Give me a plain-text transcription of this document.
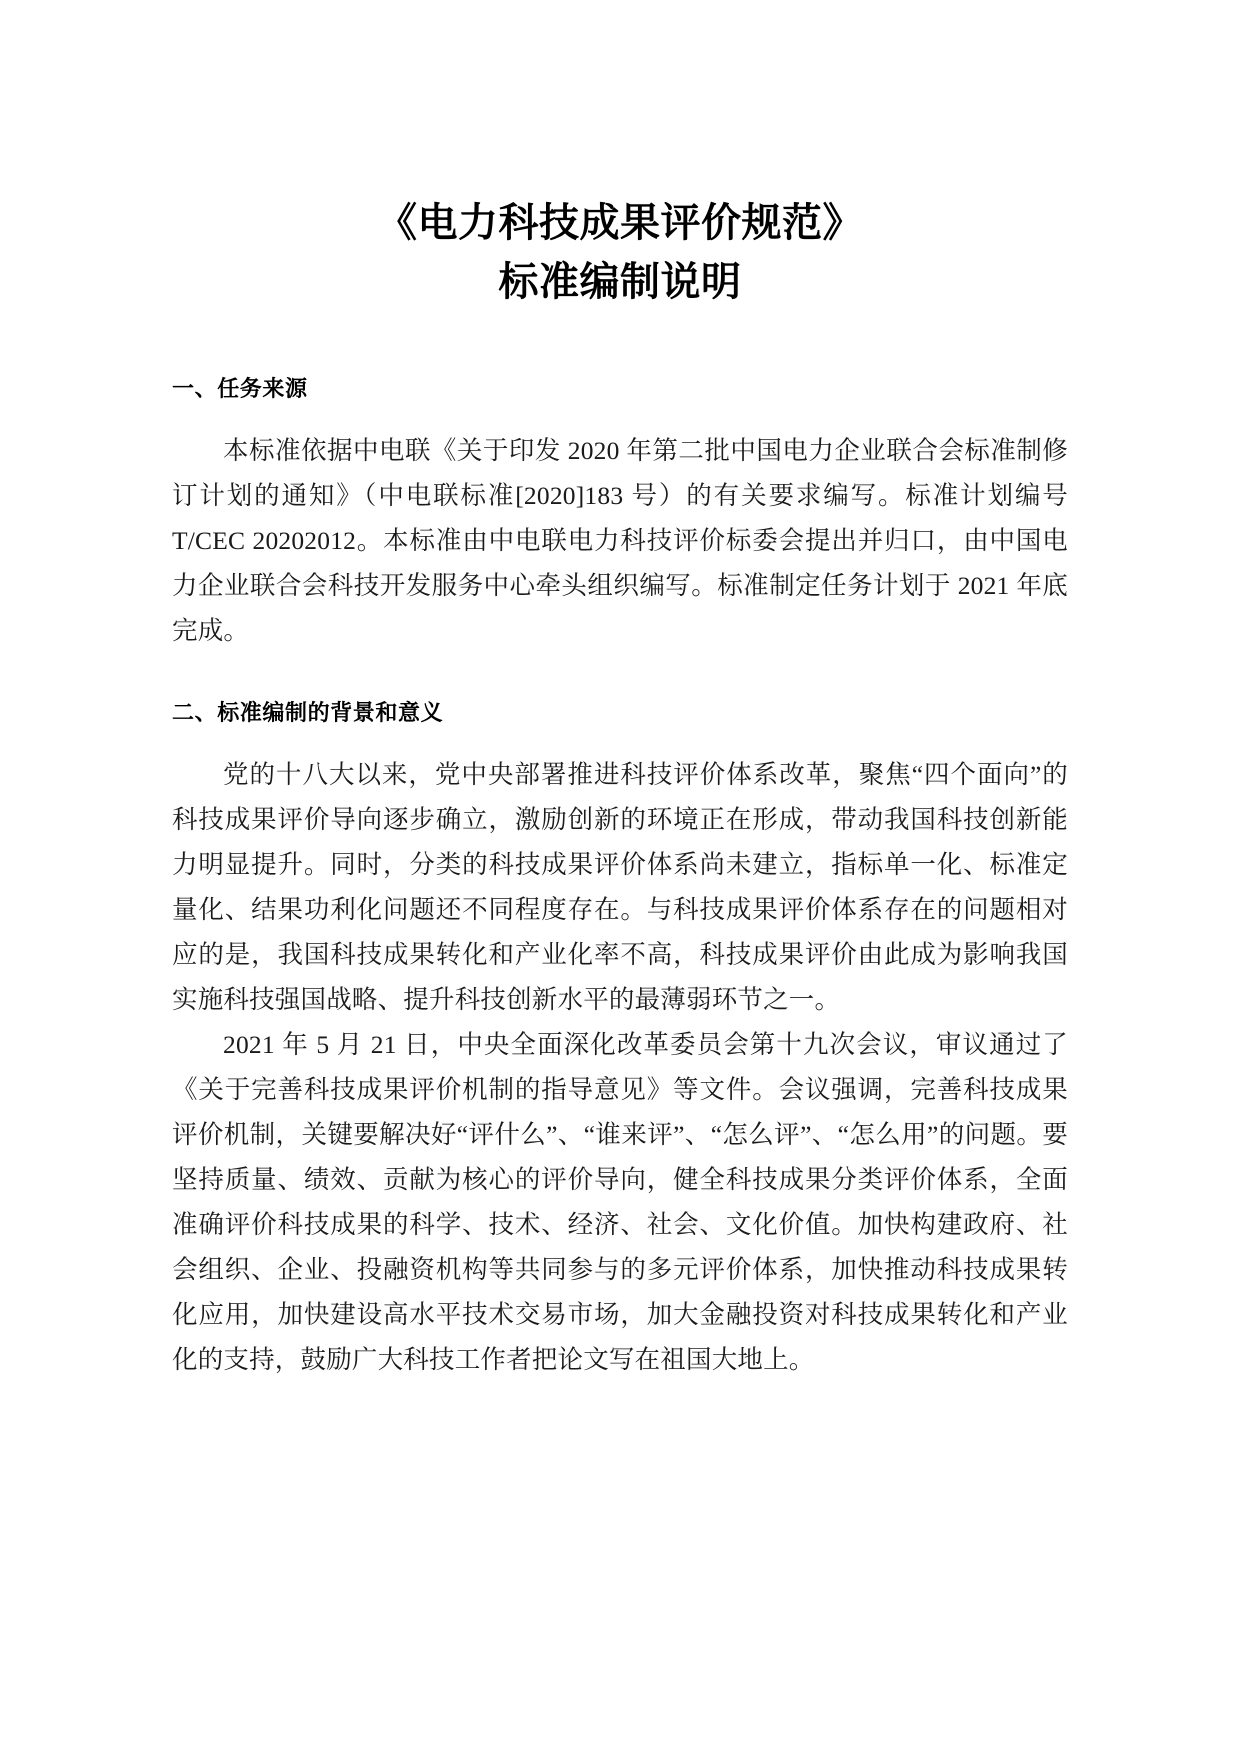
《电力科技成果评价规范》
标准编制说明
一、任务来源

本标准依据中电联《关于印发 2020 年第二批中国电力企业联合会标准制修订计划的通知》（中电联标准[2020]183 号）的有关要求编写。标准计划编号 T/CEC 20202012。本标准由中电联电力科技评价标委会提出并归口，由中国电力企业联合会科技开发服务中心牵头组织编写。标准制定任务计划于 2021 年底完成。

二、标准编制的背景和意义

党的十八大以来，党中央部署推进科技评价体系改革，聚焦“四个面向”的科技成果评价导向逐步确立，激励创新的环境正在形成，带动我国科技创新能力明显提升。同时，分类的科技成果评价体系尚未建立，指标单一化、标准定量化、结果功利化问题还不同程度存在。与科技成果评价体系存在的问题相对应的是，我国科技成果转化和产业化率不高，科技成果评价由此成为影响我国实施科技强国战略、提升科技创新水平的最薄弱环节之一。

2021 年 5 月 21 日，中央全面深化改革委员会第十九次会议，审议通过了《关于完善科技成果评价机制的指导意见》等文件。会议强调，完善科技成果评价机制，关键要解决好“评什么”、“谁来评”、“怎么评”、“怎么用”的问题。要坚持质量、绩效、贡献为核心的评价导向，健全科技成果分类评价体系，全面准确评价科技成果的科学、技术、经济、社会、文化价值。加快构建政府、社会组织、企业、投融资机构等共同参与的多元评价体系，加快推动科技成果转化应用，加快建设高水平技术交易市场，加大金融投资对科技成果转化和产业化的支持，鼓励广大科技工作者把论文写在祖国大地上。
